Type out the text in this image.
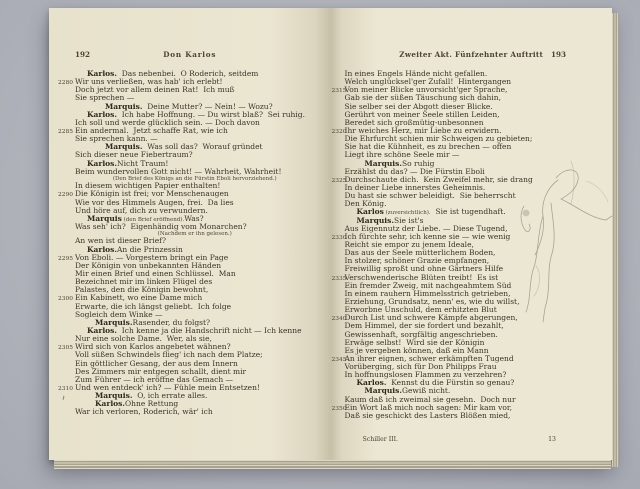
192	Don Karlos
Karlos. Das nebenbei.  O Roderich, seitdem
2280 Wir uns verließen, was hab' ich erlebt!
Doch jetzt vor allem deinen Rat!  Ich muß
Sie sprechen —
Marquis. Deine Mutter? — Nein! — Wozu?
Karlos. Ich habe Hoffnung. — Du wirst blaß?  Sei ruhig.
Ich soll und werde glücklich sein. — Doch davon
2285 Ein andermal.  Jetzt schaffe Rat, wie ich
Sie sprechen kann. —
Marquis. Was soll das?  Worauf gründet
Sich dieser neue Fiebertraum?
Karlos. Nicht Traum!
Beim wundervollen Gott nicht! — Wahrheit, Wahrheit!
(Den Brief des Königs an die Fürstin Eboli hervorziehend.)
In diesem wichtigen Papier enthalten!
2290 Die Königin ist frei; vor Menschenaugen
Wie vor des Himmels Augen, frei.  Da lies
Und höre auf, dich zu verwundern.
Marquis (den Brief eröffnend). Was?
Was seh' ich?  Eigenhändig vom Monarchen?
(Nachdem er ihn gelesen.)
An wen ist dieser Brief?
Karlos. An die Prinzessin
2295 Von Eboli. — Vorgestern bringt ein Page
Der Königin von unbekannten Händen
Mir einen Brief und einen Schlüssel.  Man
Bezeichnet mir im linken Flügel des
Palastes, den die Königin bewohnt,
2300 Ein Kabinett, wo eine Dame mich
Erwarte, die ich längst geliebt.  Ich folge
Sogleich dem Winke —
Marquis. Rasender, du folgst?
Karlos. Ich kenne ja die Handschrift nicht — Ich kenne
Nur eine solche Dame.  Wer, als sie,
2305 Wird sich von Karlos angebetet wähnen?
Voll süßen Schwindels flieg' ich nach dem Platze;
Ein göttlicher Gesang, der aus dem Innern
Des Zimmers mir entgegen schallt, dient mir
Zum Führer — ich eröffne das Gemach —
2310 Und wen entdeck' ich? — Fühle mein Entsetzen!
Marquis. O, ich errate alles.
Karlos. Ohne Rettung
War ich verloren, Roderich, wär' ich
Zweiter Akt. Fünfzehnter Auftritt	193
In eines Engels Hände nicht gefallen.
Welch unglücksel'ger Zufall!  Hintergangen
2315
Von meiner Blicke unvorsicht'ger Sprache,
Gab sie der süßen Täuschung sich dahin,
Sie selber sei der Abgott dieser Blicke.
Gerührt von meiner Seele stillen Leiden,
Beredet sich großmütig-unbesonnen
2320
Ihr weiches Herz, mir Liebe zu erwidern.
Die Ehrfurcht schien mir Schweigen zu gebieten;
Sie hat die Kühnheit, es zu brechen — offen
Liegt ihre schöne Seele mir —
Marquis. So ruhig
Erzählst du das? — Die Fürstin Eboli
2325
Durchschaute dich.  Kein Zweifel mehr, sie drang
In deiner Liebe innerstes Geheimnis.
Du hast sie schwer beleidigt.  Sie beherrscht
Den König.
Karlos (zuversichtlich). Sie ist tugendhaft.
Marquis. Sie ist's
Aus Eigennutz der Liebe. — Diese Tugend,
2330
Ich fürchte sehr, ich kenne sie — wie wenig
Reicht sie empor zu jenem Ideale,
Das aus der Seele mütterlichem Boden,
In stolzer, schöner Grazie empfangen,
Freiwillig sproßt und ohne Gärtners Hilfe
2335
Verschwenderische Blüten treibt!  Es ist
Ein fremder Zweig, mit nachgeahmtem Süd
In einem rauhern Himmelsstrich getrieben,
Erziehung, Grundsatz, nenn' es, wie du willst,
Erworbne Unschuld, dem erhitzten Blut
2340
Durch List und schwere Kämpfe abgerungen,
Dem Himmel, der sie fordert und bezahlt,
Gewissenhaft, sorgfältig angeschrieben.
Erwäge selbst!  Wird sie der Königin
Es je vergeben können, daß ein Mann
2345
An ihrer eignen, schwer erkämpften Tugend
Vorüberging, sich für Don Philipps Frau
In hoffnungslosen Flammen zu verzehren?
Karlos. Kennst du die Fürstin so genau?
Marquis. Gewiß nicht.
Kaum daß ich zweimal sie gesehn.  Doch nur
2350
Ein Wort laß mich noch sagen: Mir kam vor,
Daß sie geschickt des Lasters Blößen mied,
Schiller III.	13
